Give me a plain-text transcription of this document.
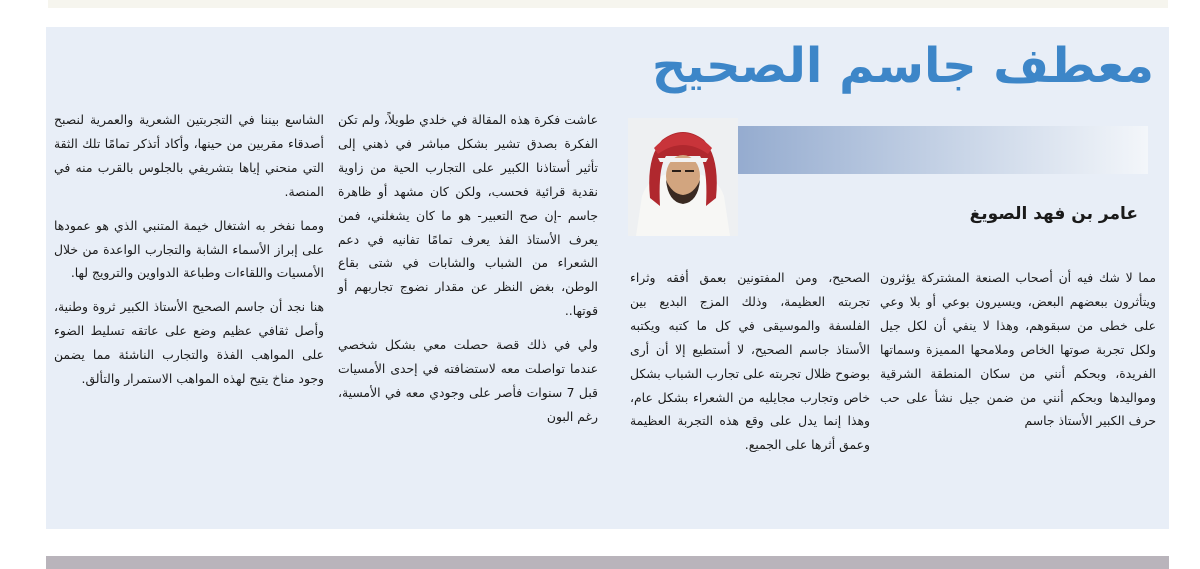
معطف جاسم الصحيح
عامر بن فهد الصويغ

مما لا شك فيه أن أصحاب الصنعة المشتركة يؤثرون ويتأثرون ببعضهم البعض، ويسيرون بوعي أو بلا وعي على خطى من سبقوهم، وهذا لا ينفي أن لكل جيل ولكل تجربة صوتها الخاص وملامحها المميزة وسماتها الفريدة، وبحكم أنني من سكان المنطقة الشرقية ومواليدها وبحكم أنني من ضمن جيل نشأ على حب حرف الكبير الأستاذ جاسم

الصحيح، ومن المفتونين بعمق أفقه وثراء تجربته العظيمة، وذلك المزج البديع بين الفلسفة والموسيقى في كل ما كتبه ويكتبه الأستاذ جاسم الصحيح، لا أستطيع إلا أن أرى بوضوح ظلال تجربته على تجارب الشباب بشكل خاص وتجارب مجايليه من الشعراء بشكل عام، وهذا إنما يدل على وقع هذه التجربة العظيمة وعمق أثرها على الجميع.

عاشت فكرة هذه المقالة في خلدي طويلاً، ولم تكن الفكرة بصدق تشير بشكل مباشر في ذهني إلى تأثير أستاذنا الكبير على التجارب الحية من زاوية نقدية قرائية فحسب، ولكن كان مشهد أو ظاهرة جاسم -إن صح التعبير- هو ما كان يشغلني، فمن يعرف الأستاذ الفذ يعرف تمامًا تفانيه في دعم الشعراء من الشباب والشابات في شتى بقاع الوطن، بغض النظر عن مقدار نضوج تجاربهم أو قوتها..

ولي في ذلك قصة حصلت معي بشكل شخصي عندما تواصلت معه لاستضافته في إحدى الأمسيات قبل 7 سنوات فأصر على وجودي معه في الأمسية، رغم البون

الشاسع بيننا في التجربتين الشعرية والعمرية لنصبح أصدقاء مقربين من حينها، وأكاد أتذكر تمامًا تلك الثقة التي منحني إياها بتشريفي بالجلوس بالقرب منه في المنصة.

ومما نفخر به اشتغال خيمة المتنبي الذي هو عمودها على إبراز الأسماء الشابة والتجارب الواعدة من خلال الأمسيات واللقاءات وطباعة الدواوين والترويج لها.

هنا نجد أن جاسم الصحيح الأستاذ الكبير ثروة وطنية، وأصل ثقافي عظيم وضع على عاتقه تسليط الضوء على المواهب الفذة والتجارب الناشئة مما يضمن وجود مناخ يتيح لهذه المواهب الاستمرار والتألق.
